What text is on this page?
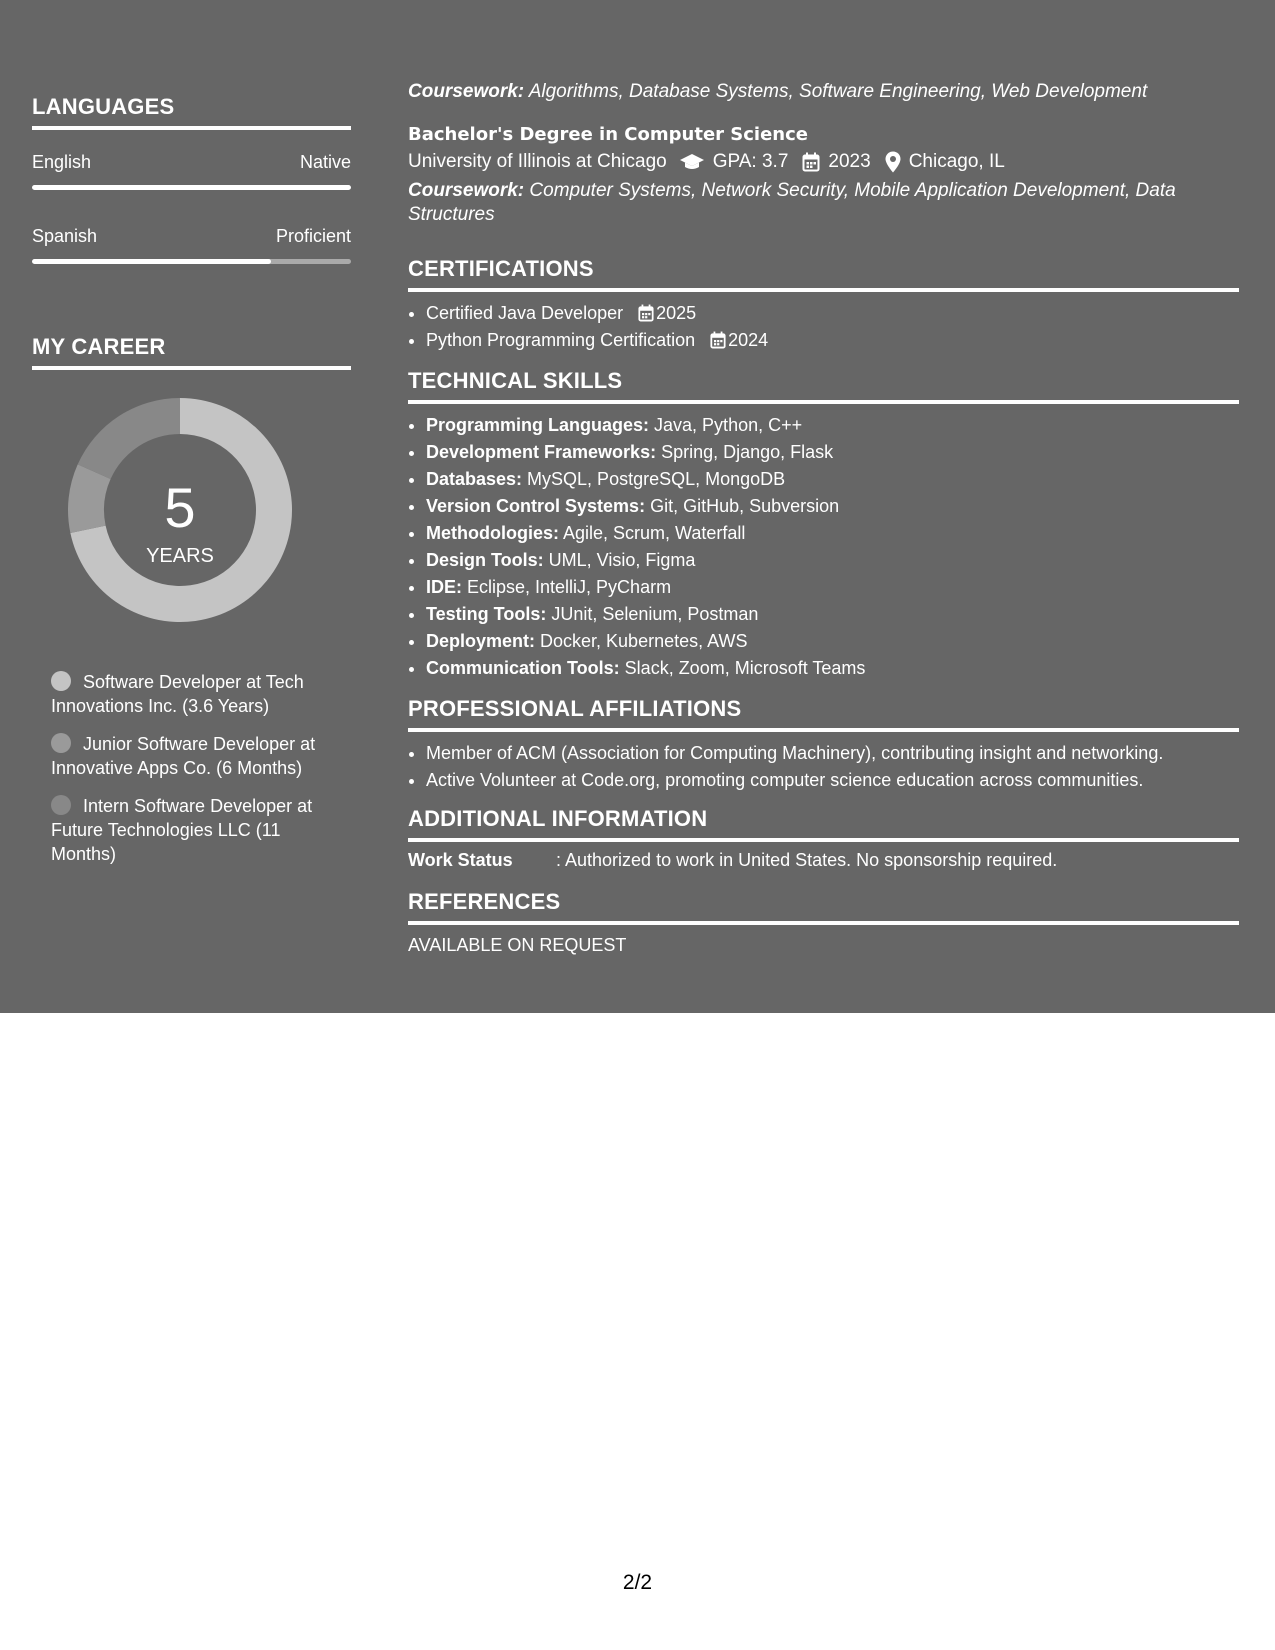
LANGUAGES
English	Native
Spanish	Proficient
MY CAREER
5
YEARS
Software Developer at Tech Innovations Inc. (3.6 Years)
Junior Software Developer at Innovative Apps Co. (6 Months)
Intern Software Developer at Future Technologies LLC (11 Months)
Coursework: Algorithms, Database Systems, Software Engineering, Web Development
Bachelor's Degree in Computer Science
University of Illinois at Chicago GPA: 3.7 2023 Chicago, IL
Coursework: Computer Systems, Network Security, Mobile Application Development, Data Structures
CERTIFICATIONS
• Certified Java Developer 2025
• Python Programming Certification 2024
TECHNICAL SKILLS
• Programming Languages: Java, Python, C++
• Development Frameworks: Spring, Django, Flask
• Databases: MySQL, PostgreSQL, MongoDB
• Version Control Systems: Git, GitHub, Subversion
• Methodologies: Agile, Scrum, Waterfall
• Design Tools: UML, Visio, Figma
• IDE: Eclipse, IntelliJ, PyCharm
• Testing Tools: JUnit, Selenium, Postman
• Deployment: Docker, Kubernetes, AWS
• Communication Tools: Slack, Zoom, Microsoft Teams
PROFESSIONAL AFFILIATIONS
• Member of ACM (Association for Computing Machinery), contributing insight and networking.
• Active Volunteer at Code.org, promoting computer science education across communities.
ADDITIONAL INFORMATION
Work Status	: Authorized to work in United States. No sponsorship required.
REFERENCES
AVAILABLE ON REQUEST
2/2
